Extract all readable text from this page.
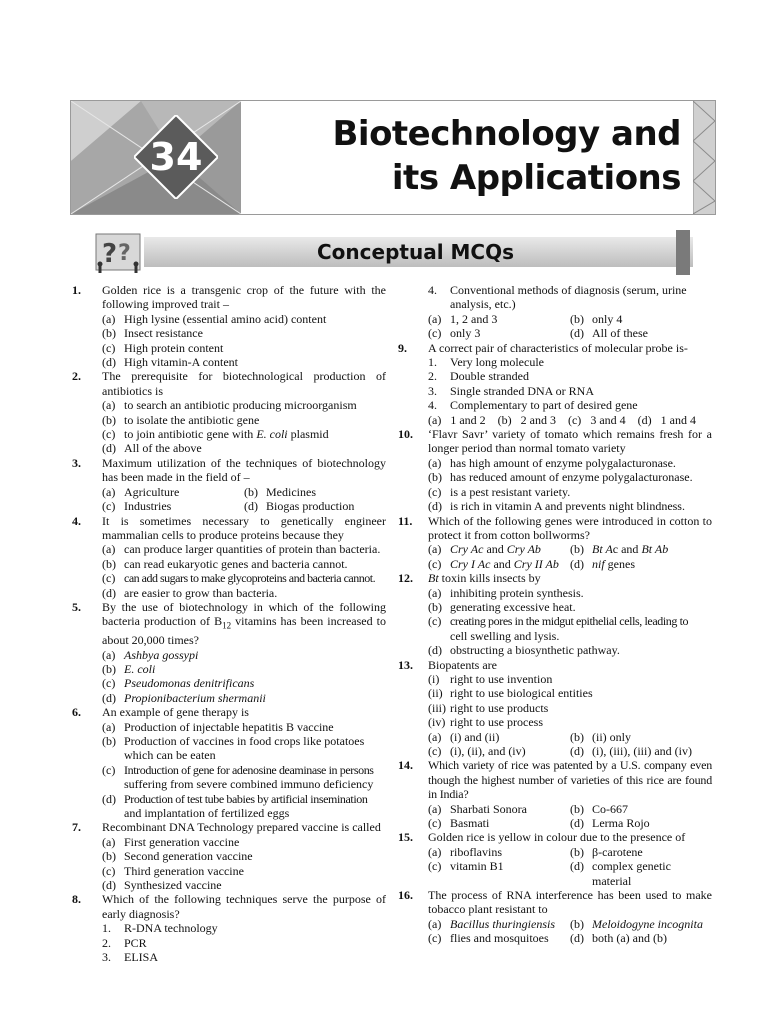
34
Biotechnology and
its Applications
? ?	Conceptual MCQs
1.	Golden rice is a transgenic crop of the future with the following improved trait –
(a) High lysine (essential amino acid) content
(b) Insect resistance
(c) High protein content
(d) High vitamin-A content
2.	The prerequisite for biotechnological production of antibiotics is
(a) to search an antibiotic producing microorganism
(b) to isolate the antibiotic gene
(c) to join antibiotic gene with E. coli plasmid
(d) All of the above
3.	Maximum utilization of the techniques of biotechnology has been made in the field of –
(a) Agriculture	(b) Medicines
(c) Industries	(d) Biogas production
4.	It is sometimes necessary to genetically engineer mammalian cells to produce proteins because they
(a) can produce larger quantities of protein than bacteria.
(b) can read eukaryotic genes and bacteria cannot.
(c) can add sugars to make glycoproteins and bacteria cannot.
(d) are easier to grow than bacteria.
5.	By the use of biotechnology in which of the following bacteria production of $B_{12}$ vitamins has been increased to about 20,000 times?
(a) Ashbya gossypi
(b) E. coli
(c) Pseudomonas denitrificans
(d) Propionibacterium shermanii
6.	An example of gene therapy is
(a) Production of injectable hepatitis B vaccine
(b) Production of vaccines in food crops like potatoes
which can be eaten
(c) Introduction of gene for adenosine deaminase in persons
suffering from severe combined immuno deficiency
(d) Production of test tube babies by artificial insemination
and implantation of fertilized eggs
7.	Recombinant DNA Technology prepared vaccine is called
(a) First generation vaccine
(b) Second generation vaccine
(c) Third generation vaccine
(d) Synthesized vaccine
8.	Which of the following techniques serve the purpose of early diagnosis?
1.	R-DNA technology
2.	PCR
3.	ELISA
4.	Conventional methods of diagnosis (serum, urine
analysis, etc.)
(a) 1, 2 and 3	(b) only 4
(c) only 3	(d) All of these
9.	A correct pair of characteristics of molecular probe is-
1.	Very long molecule
2.	Double stranded
3.	Single stranded DNA or RNA
4.	Complementary to part of desired gene
(a) 1 and 2	(b) 2 and 3	(c) 3 and 4	(d) 1 and 4
10.	‘Flavr Savr’ variety of tomato which remains fresh for a longer period than normal tomato variety
(a) has high amount of enzyme polygalacturonase.
(b) has reduced amount of enzyme polygalacturonase.
(c) is a pest resistant variety.
(d) is rich in vitamin A and prevents night blindness.
11.	Which of the following genes were introduced in cotton to protect it from cotton bollworms?
(a) Cry Ac and Cry Ab (b) Bt Ac and Bt Ab
(c) Cry I Ac and Cry II Ab (d) nif genes
12.	Bt toxin kills insects by
(a) inhibiting protein synthesis.
(b) generating excessive heat.
(c) creating pores in the midgut epithelial cells, leading to
cell swelling and lysis.
(d) obstructing a biosynthetic pathway.
13.	Biopatents are
(i) right to use invention
(ii) right to use biological entities
(iii) right to use products
(iv) right to use process
(a) (i) and (ii)	(b) (ii) only
(c) (i), (ii), and (iv)	(d) (i), (iii), (iii) and (iv)
14.	Which variety of rice was patented by a U.S. company even though the highest number of varieties of this rice are found in India?
(a) Sharbati Sonora	(b) Co-667
(c) Basmati	(d) Lerma Rojo
15.	Golden rice is yellow in colour due to the presence of
(a) riboflavins	(b) β-carotene
(c) vitamin B1	(d) complex genetic material
16.	The process of RNA interference has been used to make tobacco plant resistant to
(a) Bacillus thuringiensis (b) Meloidogyne incognita
(c) flies and mosquitoes (d) both (a) and (b)
